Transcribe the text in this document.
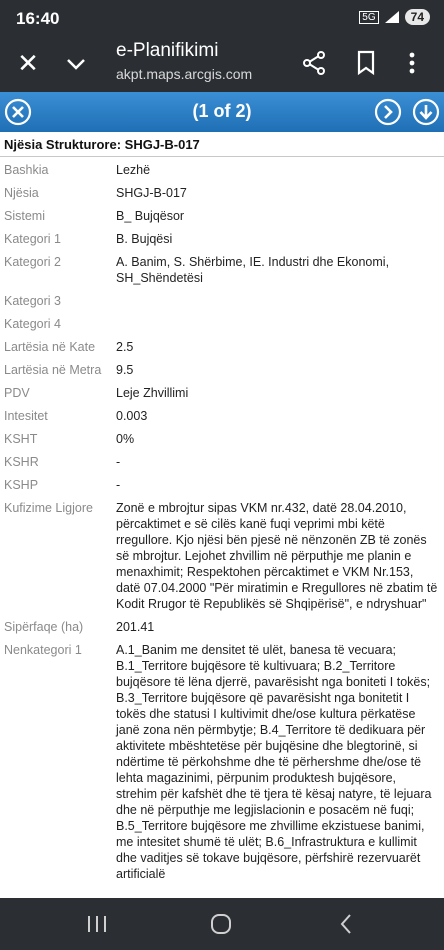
16:40	5G	74
✕	e-Planifikimi
akpt.maps.arcgis.com
(1 of 2)
Njësia Strukturore: SHGJ-B-017
Bashkia	Lezhë
Njësia	SHGJ-B-017
Sistemi	B_ Bujqësor
Kategori 1	B. Bujqësi
Kategori 2	A. Banim, S. Shërbime, IE. Industri dhe Ekonomi, SH_Shëndetësi
Kategori 3
Kategori 4
Lartësia në Kate	2.5
Lartësia në Metra	9.5
PDV	Leje Zhvillimi
Intesitet	0.003
KSHT	0%
KSHR	-
KSHP	-
Kufizime Ligjore	Zonë e mbrojtur sipas VKM nr.432, datë 28.04.2010, përcaktimet e së cilës kanë fuqi veprimi mbi këtë rregullore. Kjo njësi bën pjesë në nënzonën ZB të zonës së mbrojtur. Lejohet zhvillim në përputhje me planin e menaxhimit; Respektohen përcaktimet e VKM Nr.153, datë 07.04.2000 "Për miratimin e Rregullores në zbatim të Kodit Rrugor të Republikës së Shqipërisë", e ndryshuar"
Sipërfaqe (ha)	201.41
Nenkategori 1	A.1_Banim me densitet të ulët, banesa të vecuara; B.1_Territore bujqësore të kultivuara; B.2_Territore bujqësore të lëna djerrë, pavarësisht nga boniteti I tokës; B.3_Territore bujqësore që pavarësisht nga bonitetit I tokës dhe statusi I kultivimit dhe/ose kultura përkatëse janë zona nën përmbytje; B.4_Territore të dedikuara për aktivitete mbështetëse për bujqësine dhe blegtorinë, si ndërtime të përkohshme dhe të përhershme dhe/ose të lehta magazinimi, përpunim produktesh bujqësore, strehim për kafshët dhe të tjera të kësaj natyre, të lejuara dhe në përputhje me legjislacionin e posacëm në fuqi; B.5_Territore bujqësore me zhvillime ekzistuese banimi, me intesitet shumë të ulët; B.6_Infrastruktura e kullimit dhe vaditjes së tokave bujqësore, përfshirë rezervuarët artificialë
